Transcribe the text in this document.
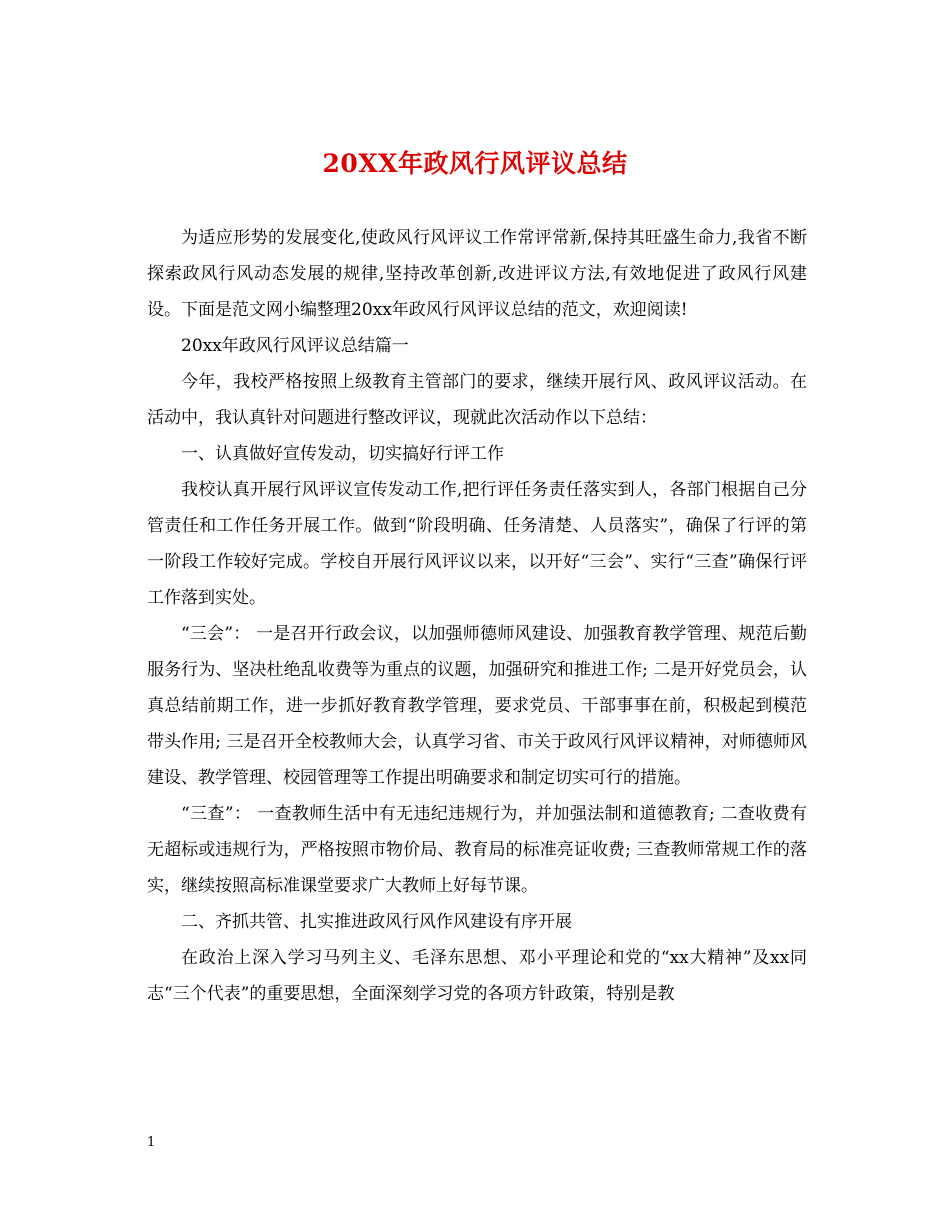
20XX年政风行风评议总结

为适应形势的发展变化,使政风行风评议工作常评常新,保持其旺盛生命力,我省不断探索政风行风动态发展的规律,坚持改革创新,改进评议方法,有效地促进了政风行风建设。下面是范文网小编整理20xx年政风行风评议总结的范文，欢迎阅读!

20xx年政风行风评议总结篇一

今年，我校严格按照上级教育主管部门的要求，继续开展行风、政风评议活动。在活动中，我认真针对问题进行整改评议，现就此次活动作以下总结：

一、认真做好宣传发动，切实搞好行评工作

我校认真开展行风评议宣传发动工作,把行评任务责任落实到人，各部门根据自己分管责任和工作任务开展工作。做到“阶段明确、任务清楚、人员落实”，确保了行评的第一阶段工作较好完成。学校自开展行风评议以来，以开好“三会”、实行“三查”确保行评工作落到实处。

“三会”： 一是召开行政会议，以加强师德师风建设、加强教育教学管理、规范后勤服务行为、坚决杜绝乱收费等为重点的议题，加强研究和推进工作; 二是开好党员会，认真总结前期工作，进一步抓好教育教学管理，要求党员、干部事事在前，积极起到模范带头作用; 三是召开全校教师大会，认真学习省、市关于政风行风评议精神，对师德师风建设、教学管理、校园管理等工作提出明确要求和制定切实可行的措施。

“三查”： 一查教师生活中有无违纪违规行为，并加强法制和道德教育; 二查收费有无超标或违规行为，严格按照市物价局、教育局的标准亮证收费; 三查教师常规工作的落实，继续按照高标准课堂要求广大教师上好每节课。

二、齐抓共管、扎实推进政风行风作风建设有序开展

在政治上深入学习马列主义、毛泽东思想、邓小平理论和党的“xx大精神”及xx同志“三个代表”的重要思想，全面深刻学习党的各项方针政策，特别是教

1
